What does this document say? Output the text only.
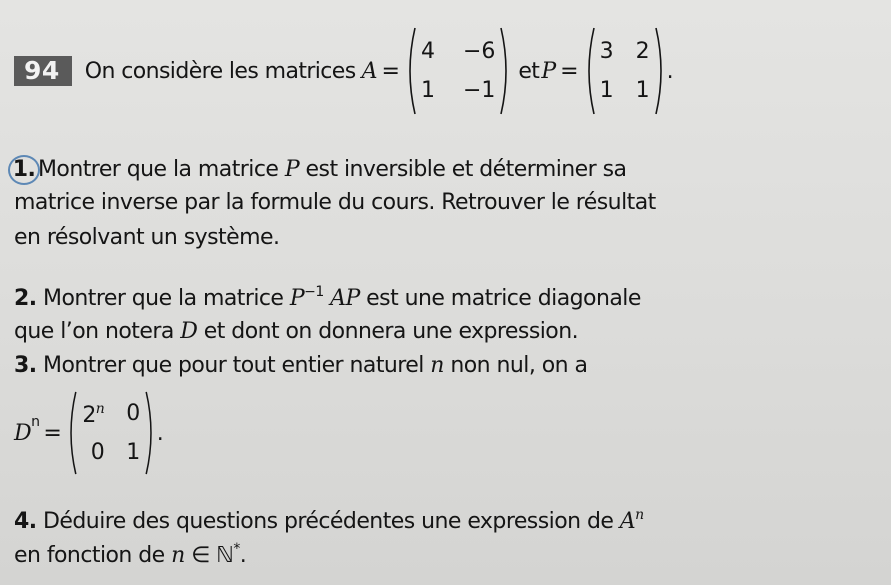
94	On considère les matrices A =
4 −6
1 −1
et P =
3 2
1 1
.
1. Montrer que la matrice P est inversible et déterminer sa
matrice inverse par la formule du cours. Retrouver le résultat
en résolvant un système.
2. Montrer que la matrice $P^{-1}$ AP est une matrice diagonale
que l’on notera D et dont on donnera une expression.
3. Montrer que pour tout entier naturel n non nul, on a
$D^n$ =
$2^n$ 0
0 1
.
4. Déduire des questions précédentes une expression de $A^n$
en fonction de n ∈ ℕ*.
